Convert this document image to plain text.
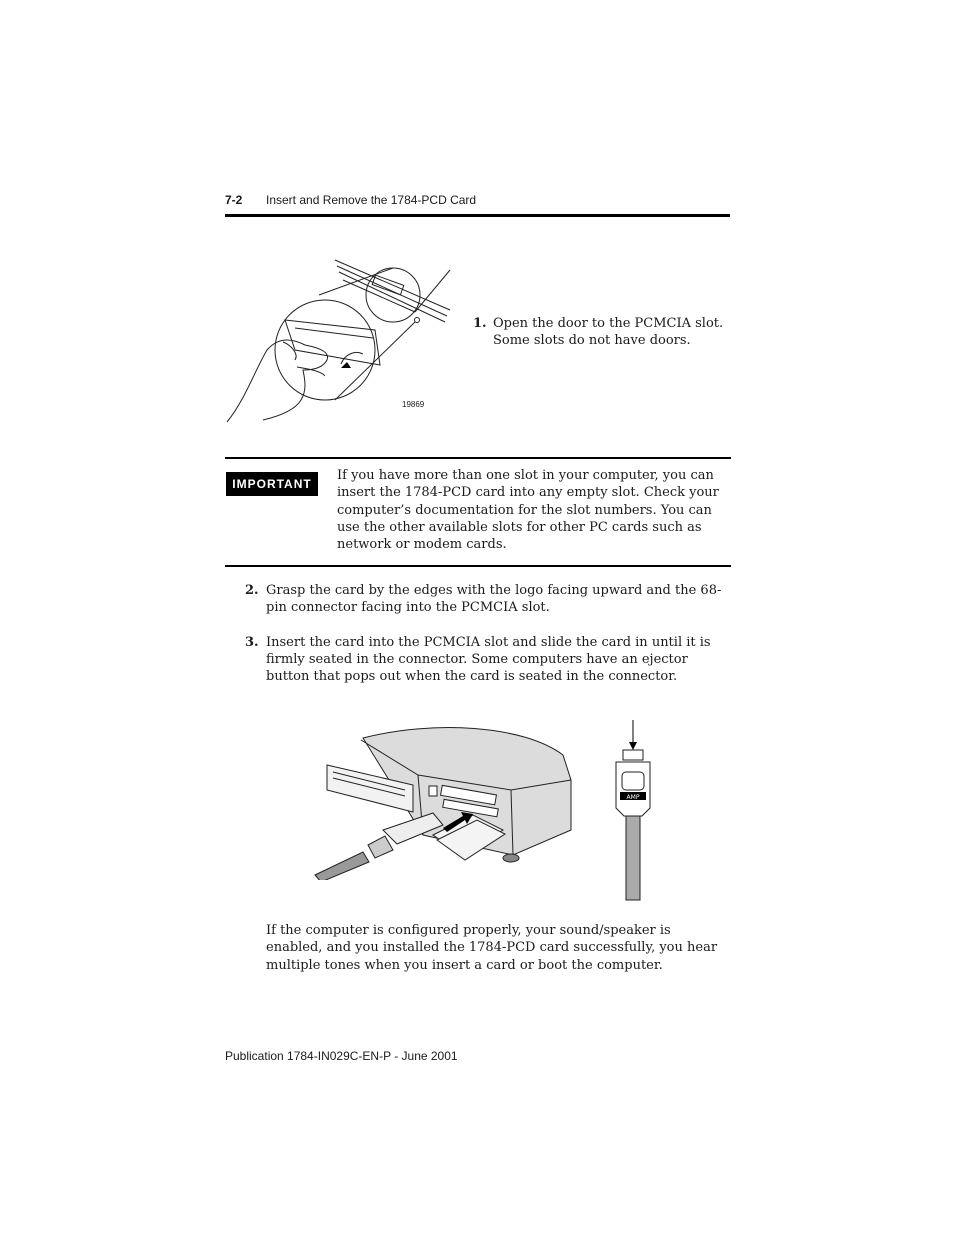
7-2 Insert and Remove the 1784-PCD Card
19869
1. Open the door to the PCMCIA slot. Some slots do not have doors.
IMPORTANT
If you have more than one slot in your computer, you can insert the 1784-PCD card into any empty slot. Check your computer’s documentation for the slot numbers. You can use the other available slots for other PC cards such as network or modem cards.
2. Grasp the card by the edges with the logo facing upward and the 68-pin connector facing into the PCMCIA slot.
3. Insert the card into the PCMCIA slot and slide the card in until it is firmly seated in the connector. Some computers have an ejector button that pops out when the card is seated in the connector.
AMP
If the computer is configured properly, your sound/speaker is enabled, and you installed the 1784-PCD card successfully, you hear multiple tones when you insert a card or boot the computer.
Publication 1784-IN029C-EN-P - June 2001
